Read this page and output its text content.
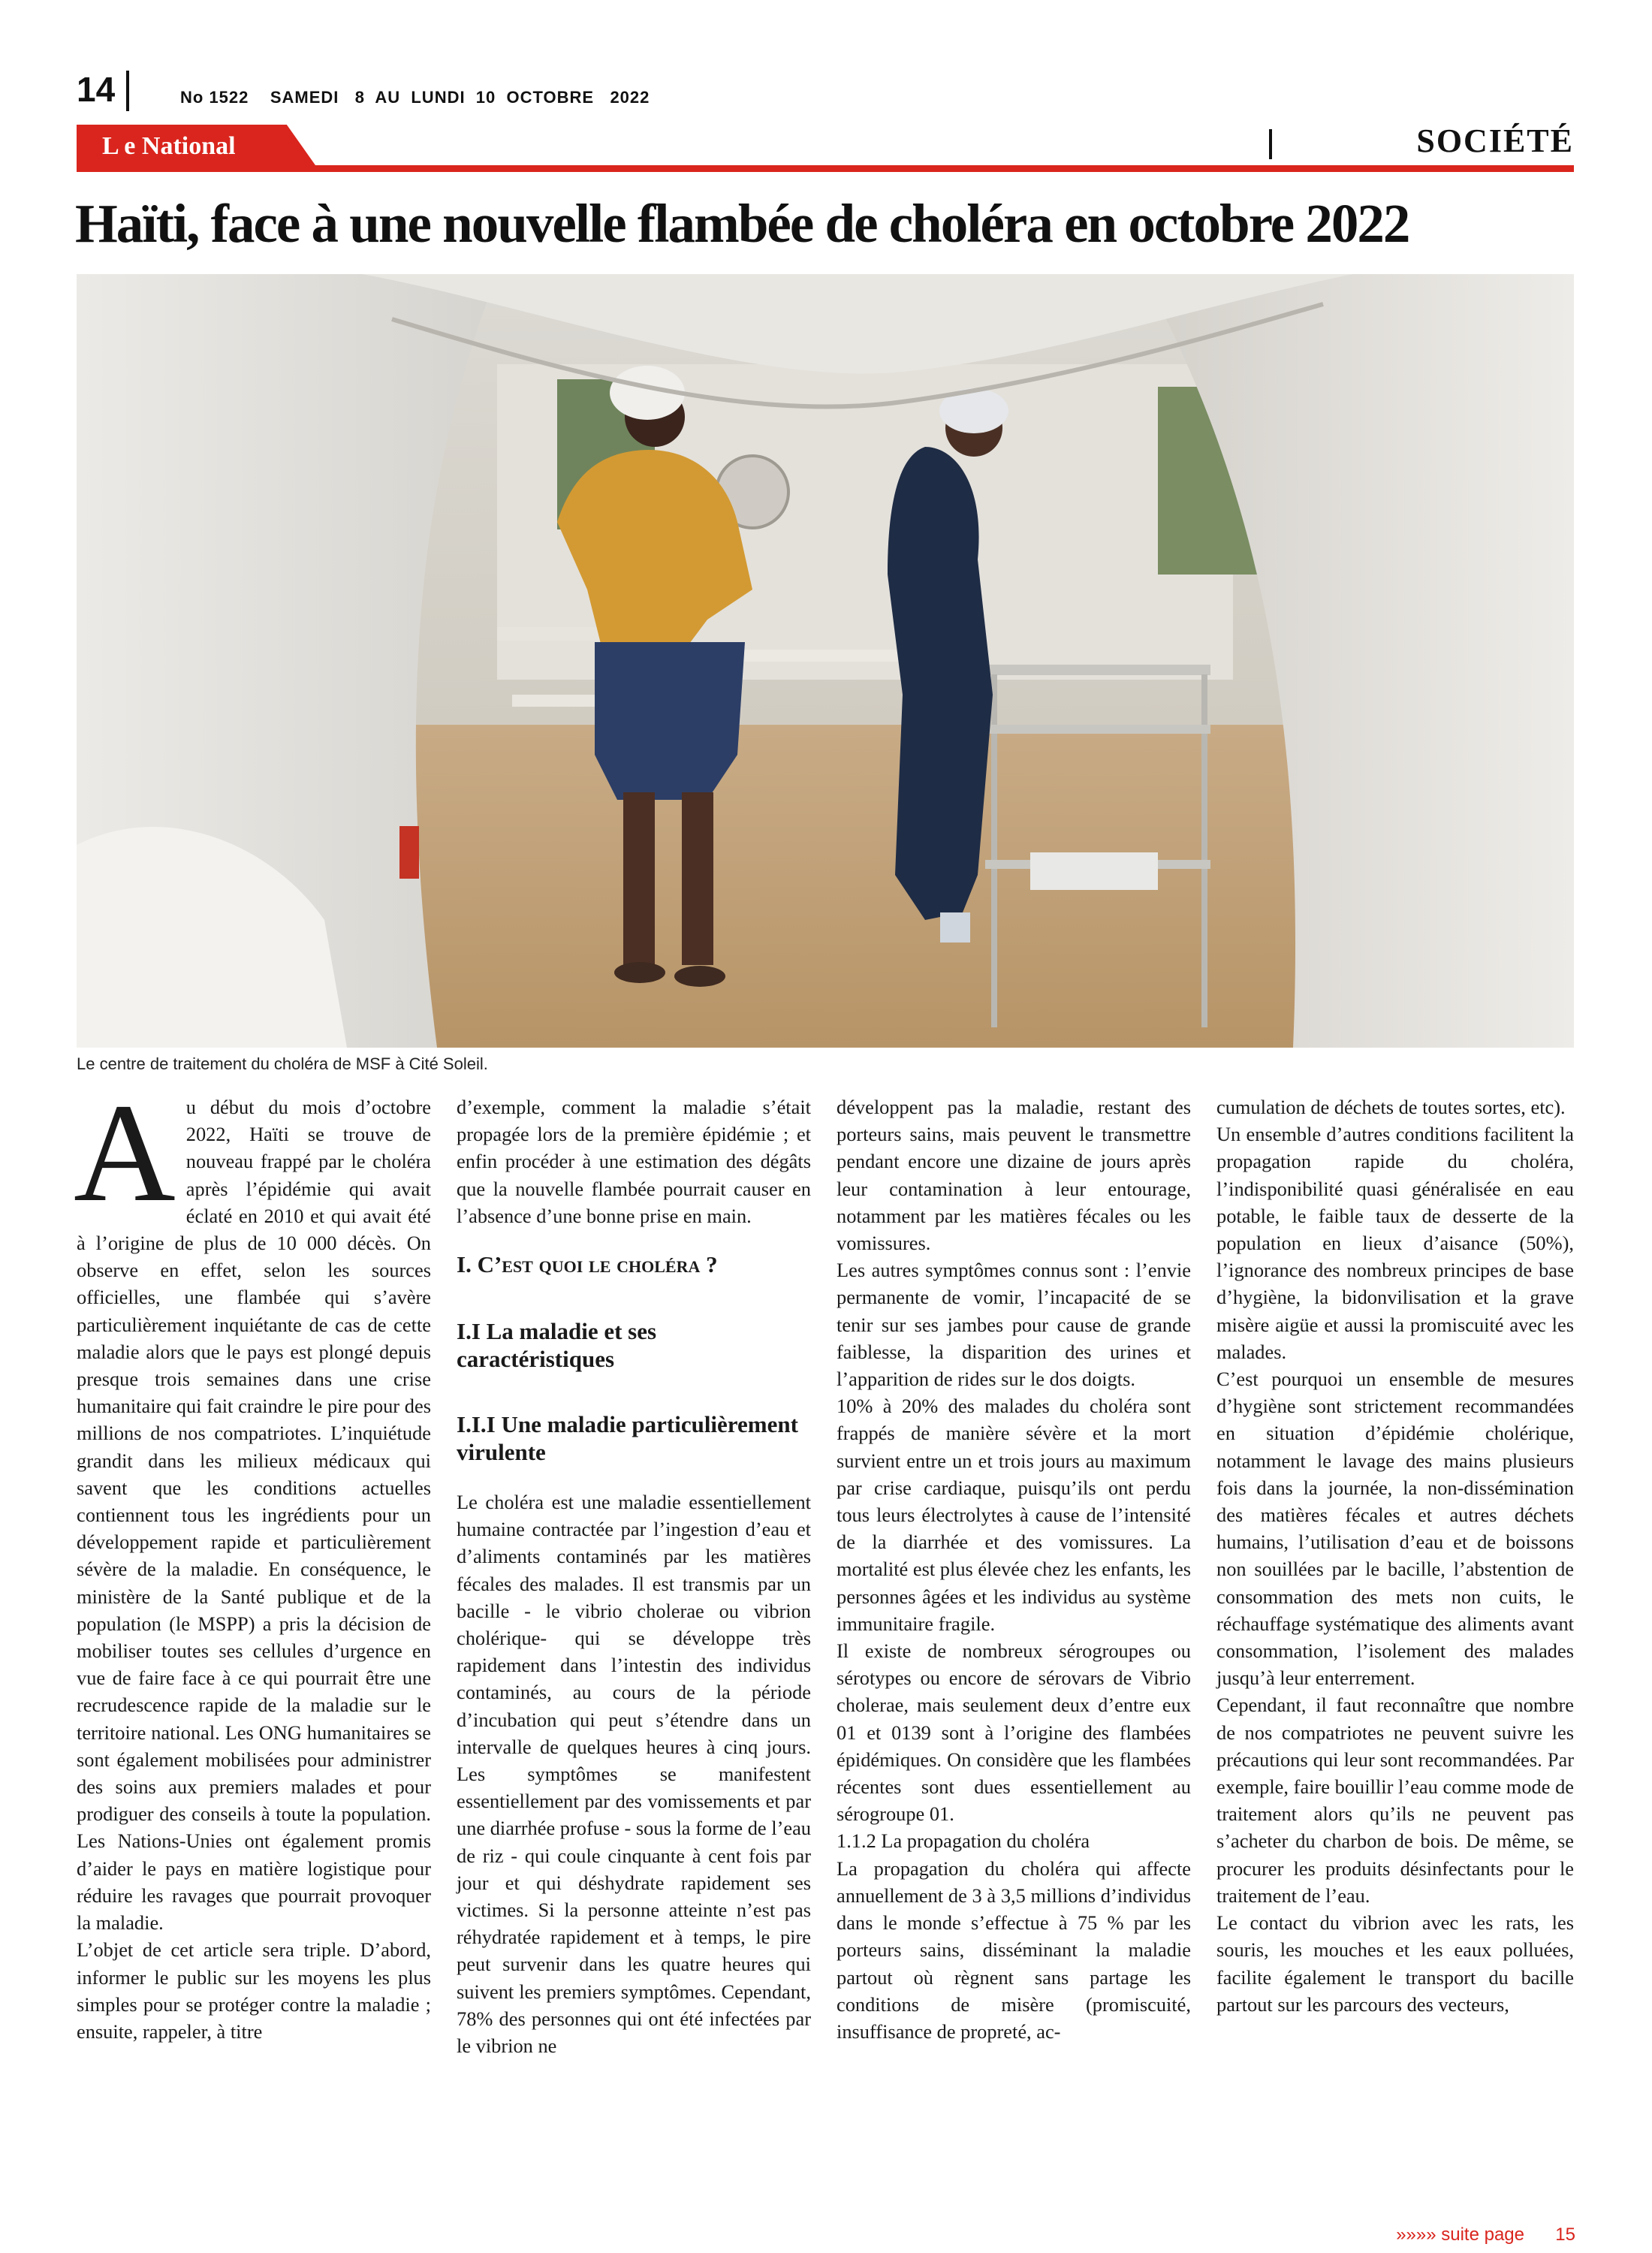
14	No 1522    SAMEDI   8  AU  LUNDI  10  OCTOBRE   2022
L e National	SOCIÉTÉ
Haïti, face à une nouvelle flambée de choléra en octobre 2022
Le centre de traitement du choléra de MSF à Cité Soleil.
A u début du mois d’octobre 2022, Haïti se trouve de nouveau frappé par le choléra après l’épidémie qui avait éclaté en 2010 et qui avait été à l’origine de plus de 10 000 décès. On observe en effet, selon les sources officielles, une flambée qui s’avère particulièrement inquiétante de cas de cette maladie alors que le pays est plongé depuis presque trois semaines dans une crise humanitaire qui fait craindre le pire pour des millions de nos compatriotes. L’inquiétude grandit dans les milieux médicaux qui savent que les conditions actuelles contiennent tous les ingrédients pour un développement rapide et particulièrement sévère de la maladie. En conséquence, le ministère de la Santé publique et de la population (le MSPP) a pris la décision de mobiliser toutes ses cellules d’urgence en vue de faire face à ce qui pourrait être une recrudescence rapide de la maladie sur le territoire national. Les ONG humanitaires se sont également mobilisées pour administrer des soins aux premiers malades et pour prodiguer des conseils à toute la population. Les Nations-Unies ont également promis d’aider le pays en matière logistique pour réduire les ravages que pourrait provoquer la maladie.

L’objet de cet article sera triple. D’abord, informer le public sur les moyens les plus simples pour se protéger contre la maladie ; ensuite, rappeler, à titre

d’exemple, comment la maladie s’était propagée lors de la première épidémie ; et enfin procéder à une estimation des dégâts que la nouvelle flambée pourrait causer en l’absence d’une bonne prise en main.

I. C’est quoi le choléra ?
I.I La maladie et ses caractéristiques
I.I.I Une maladie particulièrement virulente

Le choléra est une maladie essentiellement humaine contractée par l’ingestion d’eau et d’aliments contaminés par les matières fécales des malades. Il est transmis par un bacille - le vibrio cholerae ou vibrion cholérique- qui se développe très rapidement dans l’intestin des individus contaminés, au cours de la période d’incubation qui peut s’étendre dans un intervalle de quelques heures à cinq jours. Les symptômes se manifestent essentiellement par des vomissements et par une diarrhée profuse - sous la forme de l’eau de riz - qui coule cinquante à cent fois par jour et qui déshydrate rapidement ses victimes. Si la personne atteinte n’est pas réhydratée rapidement et à temps, le pire peut survenir dans les quatre heures qui suivent les premiers symptômes. Cependant, 78% des personnes qui ont été infectées par le vibrion ne

développent pas la maladie, restant des porteurs sains, mais peuvent le transmettre pendant encore une dizaine de jours après leur contamination à leur entourage, notamment par les matières fécales ou les vomissures.

Les autres symptômes connus sont : l’envie permanente de vomir, l’incapacité de se tenir sur ses jambes pour cause de grande faiblesse, la disparition des urines et l’apparition de rides sur le dos doigts.

10% à 20% des malades du choléra sont frappés de manière sévère et la mort survient entre un et trois jours au maximum par crise cardiaque, puisqu’ils ont perdu tous leurs électrolytes à cause de l’intensité de la diarrhée et des vomissures. La mortalité est plus élevée chez les enfants, les personnes âgées et les individus au système immunitaire fragile.

Il existe de nombreux sérogroupes ou sérotypes ou encore de sérovars de Vibrio cholerae, mais seulement deux d’entre eux 01 et 0139 sont à l’origine des flambées épidémiques. On considère que les flambées récentes sont dues essentiellement au sérogroupe 01.

1.1.2 La propagation du choléra

La propagation du choléra qui affecte annuellement de 3 à 3,5 millions d’individus dans le monde s’effectue à 75 % par les porteurs sains, disséminant la maladie partout où règnent sans partage les conditions de misère (promiscuité, insuffisance de propreté, ac-

cumulation de déchets de toutes sortes, etc).

Un ensemble d’autres conditions facilitent la propagation rapide du choléra, l’indisponibilité quasi généralisée en eau potable, le faible taux de desserte de la population en lieux d’aisance (50%), l’ignorance des nombreux principes de base d’hygiène, la bidonvilisation et la grave misère aigüe et aussi la promiscuité avec les malades.

C’est pourquoi un ensemble de mesures d’hygiène sont strictement recommandées en situation d’épidémie cholérique, notamment le lavage des mains plusieurs fois dans la journée, la non-dissémination des matières fécales et autres déchets humains, l’utilisation d’eau et de boissons non souillées par le bacille, l’abstention de consommation des mets non cuits, le réchauffage systématique des aliments avant consommation, l’isolement des malades jusqu’à leur enterrement.

Cependant, il faut reconnaître que nombre de nos compatriotes ne peuvent suivre les précautions qui leur sont recommandées. Par exemple, faire bouillir l’eau comme mode de traitement alors qu’ils ne peuvent pas s’acheter du charbon de bois. De même, se procurer les produits désinfectants pour le traitement de l’eau.

Le contact du vibrion avec les rats, les souris, les mouches et les eaux polluées, facilite également le transport du bacille partout sur les parcours des vecteurs,

»»»» suite page 15
